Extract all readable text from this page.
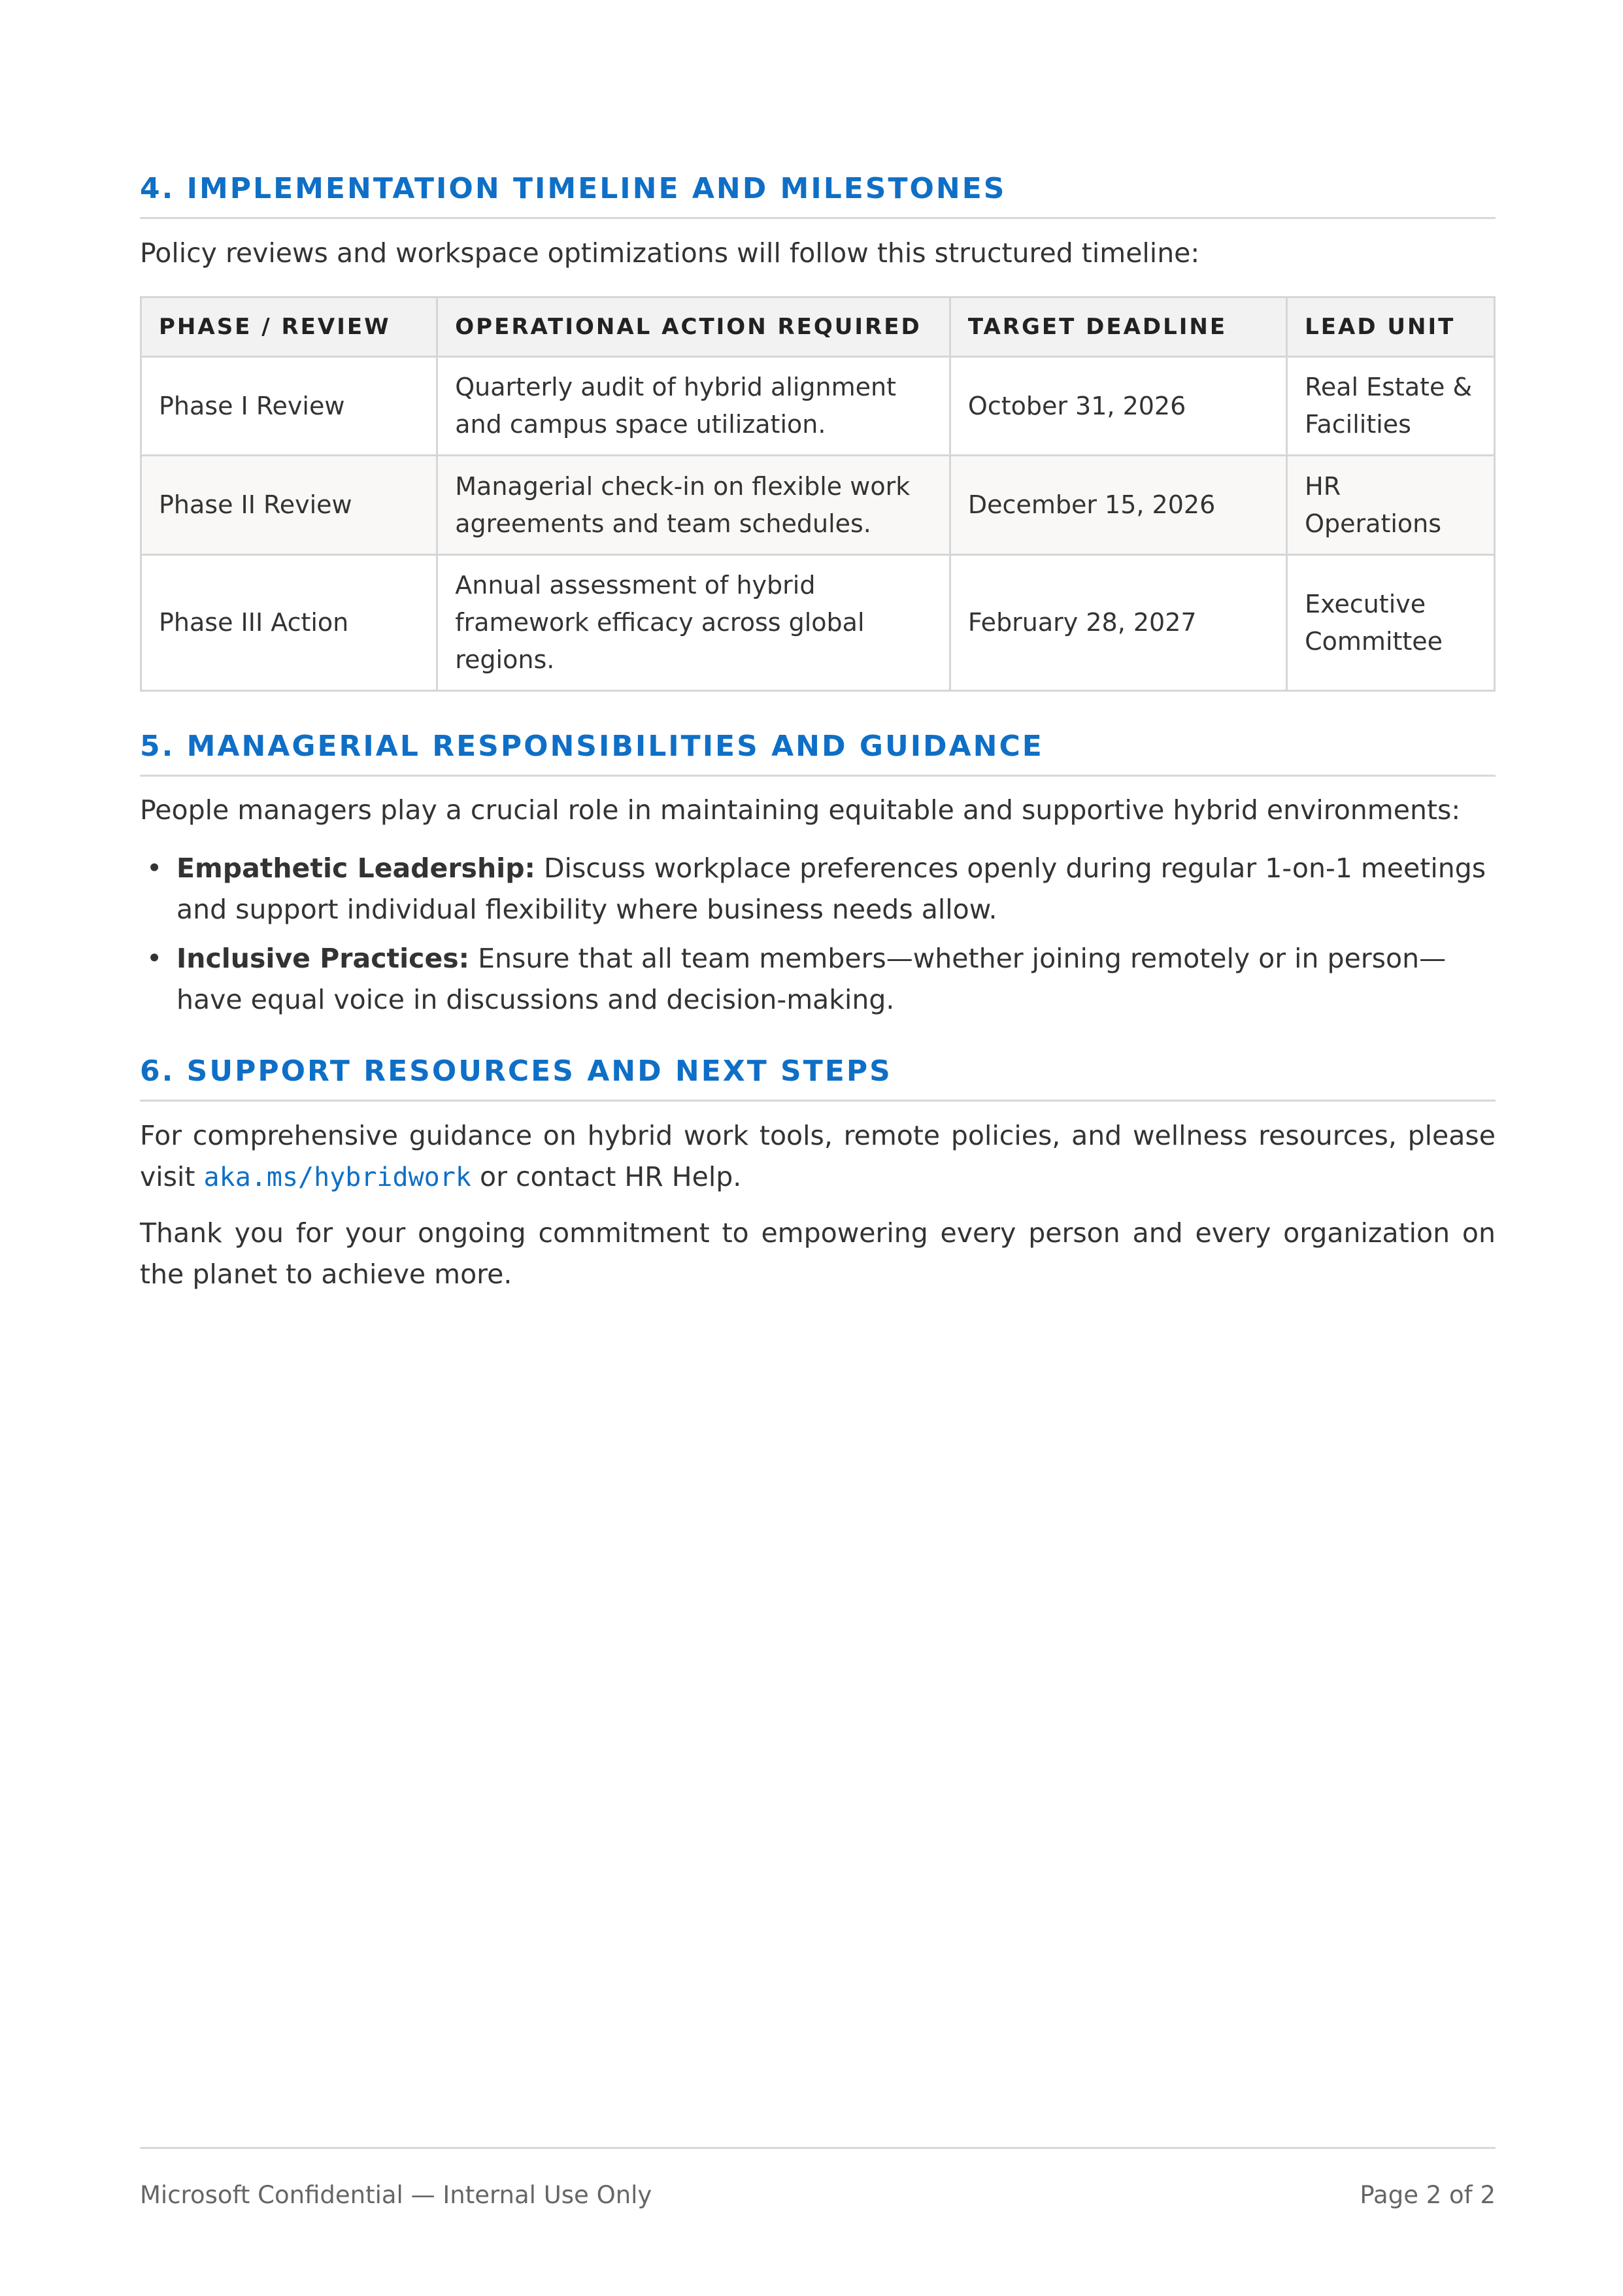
4. IMPLEMENTATION TIMELINE AND MILESTONES

Policy reviews and workspace optimizations will follow this structured timeline:

PHASE / REVIEW	OPERATIONAL ACTION REQUIRED	TARGET DEADLINE	LEAD UNIT
Phase I Review	Quarterly audit of hybrid alignment and campus space utilization.	October 31, 2026	Real Estate & Facilities
Phase II Review	Managerial check-in on flexible work agreements and team schedules.	December 15, 2026	HR Operations
Phase III Action	Annual assessment of hybrid framework efficacy across global regions.	February 28, 2027	Executive Committee
5. MANAGERIAL RESPONSIBILITIES AND GUIDANCE

People managers play a crucial role in maintaining equitable and supportive hybrid environments:

• Empathetic Leadership: Discuss workplace preferences openly during regular 1-on-1 meetings and support individual flexibility where business needs allow.
• Inclusive Practices: Ensure that all team members—whether joining remotely or in person—have equal voice in discussions and decision-making.
6. SUPPORT RESOURCES AND NEXT STEPS

For comprehensive guidance on hybrid work tools, remote policies, and wellness resources, please visit aka.ms/hybridwork or contact HR Help.

Thank you for your ongoing commitment to empowering every person and every organization on the planet to achieve more.

Microsoft Confidential — Internal Use Only	Page 2 of 2
